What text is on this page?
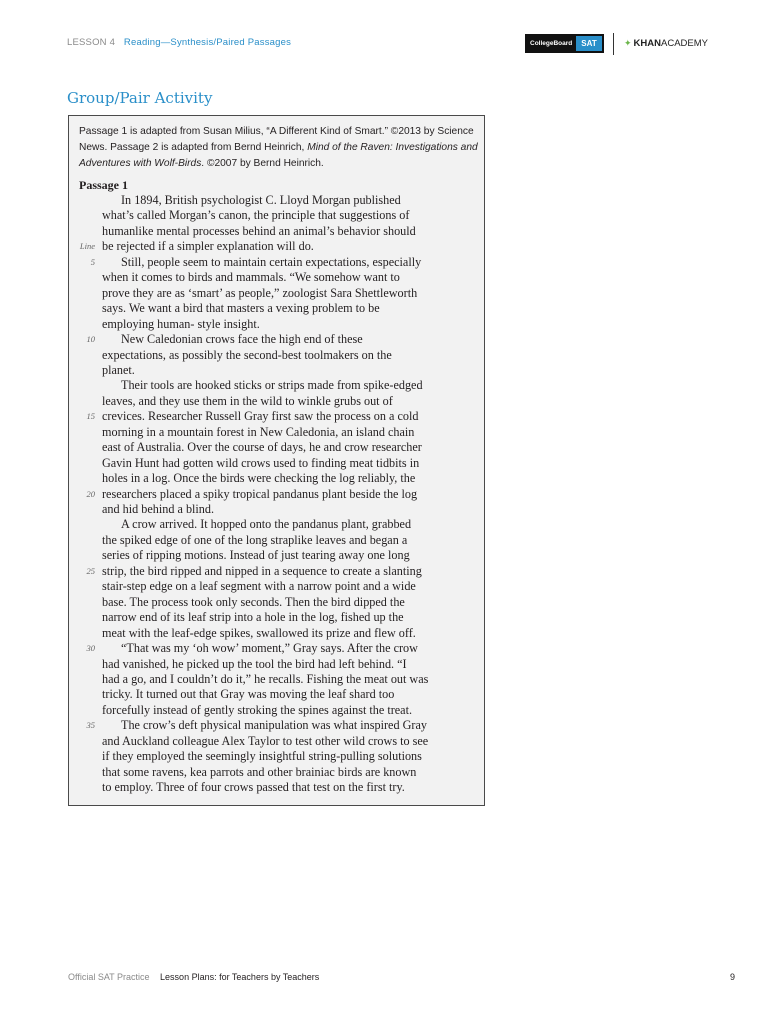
LESSON 4 Reading—Synthesis/Paired Passages	CollegeBoard	SAT	✦ KHANACADEMY
Group/Pair Activity
Passage 1 is adapted from Susan Milius, “A Different Kind of Smart.” ©2013 by Science News. Passage 2 is adapted from Bernd Heinrich, Mind of the Raven: Investigations and Adventures with Wolf-Birds. ©2007 by Bernd Heinrich.
Passage 1
In 1894, British psychologist C. Lloyd Morgan published
what’s called Morgan’s canon, the principle that suggestions of
humanlike mental processes behind an animal’s behavior should
be rejected if a simpler explanation will do.
Line
Still, people seem to maintain certain expectations, especially
5
when it comes to birds and mammals. “We somehow want to
prove they are as ‘smart’ as people,” zoologist Sara Shettleworth
says. We want a bird that masters a vexing problem to be
employing human- style insight.
New Caledonian crows face the high end of these
10
expectations, as possibly the second-best toolmakers on the
planet.
Their tools are hooked sticks or strips made from spike-edged
leaves, and they use them in the wild to winkle grubs out of
crevices. Researcher Russell Gray first saw the process on a cold
15
morning in a mountain forest in New Caledonia, an island chain
east of Australia. Over the course of days, he and crow researcher
Gavin Hunt had gotten wild crows used to finding meat tidbits in
holes in a log. Once the birds were checking the log reliably, the
researchers placed a spiky tropical pandanus plant beside the log
20
and hid behind a blind.
A crow arrived. It hopped onto the pandanus plant, grabbed
the spiked edge of one of the long straplike leaves and began a
series of ripping motions. Instead of just tearing away one long
strip, the bird ripped and nipped in a sequence to create a slanting
25
stair-step edge on a leaf segment with a narrow point and a wide
base. The process took only seconds. Then the bird dipped the
narrow end of its leaf strip into a hole in the log, fished up the
meat with the leaf-edge spikes, swallowed its prize and flew off.
“That was my ‘oh wow’ moment,” Gray says. After the crow
30
had vanished, he picked up the tool the bird had left behind. “I
had a go, and I couldn’t do it,” he recalls. Fishing the meat out was
tricky. It turned out that Gray was moving the leaf shard too
forcefully instead of gently stroking the spines against the treat.
The crow’s deft physical manipulation was what inspired Gray
35
and Auckland colleague Alex Taylor to test other wild crows to see
if they employed the seemingly insightful string-pulling solutions
that some ravens, kea parrots and other brainiac birds are known
to employ. Three of four crows passed that test on the first try.
Official SAT Practice Lesson Plans: for Teachers by Teachers	9
